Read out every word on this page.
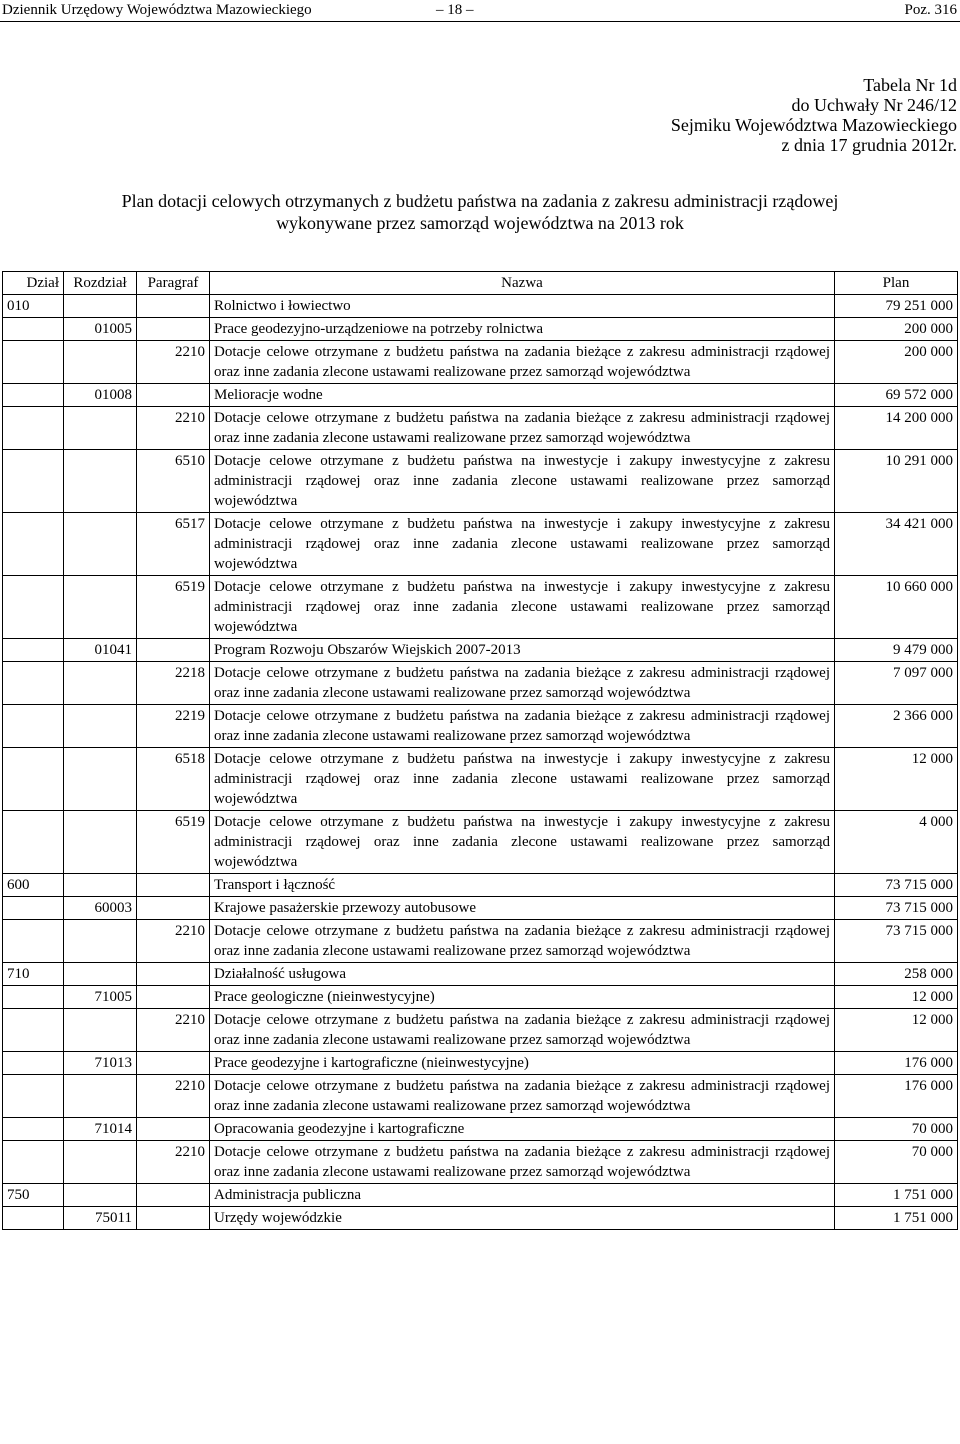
Dziennik Urzędowy Województwa Mazowieckiego	– 18 –	Poz. 316
Tabela Nr 1d
do Uchwały Nr 246/12
Sejmiku Województwa Mazowieckiego
z dnia 17 grudnia 2012r.
Plan dotacji celowych otrzymanych z budżetu państwa na zadania z zakresu administracji rządowej
wykonywane przez samorząd województwa na 2013 rok
Dział	Rozdział	Paragraf	Nazwa	Plan
010			Rolnictwo i łowiectwo	79 251 000
	01005		Prace geodezyjno-urządzeniowe na potrzeby rolnictwa	200 000
		2210	Dotacje celowe otrzymane z budżetu państwa na zadania bieżące z zakresu administracji rządowej oraz inne zadania zlecone ustawami realizowane przez samorząd województwa	200 000
	01008		Melioracje wodne	69 572 000
		2210	Dotacje celowe otrzymane z budżetu państwa na zadania bieżące z zakresu administracji rządowej oraz inne zadania zlecone ustawami realizowane przez samorząd województwa	14 200 000
		6510	Dotacje celowe otrzymane z budżetu państwa na inwestycje i zakupy inwestycyjne z zakresu administracji rządowej oraz inne zadania zlecone ustawami realizowane przez samorząd województwa	10 291 000
		6517	Dotacje celowe otrzymane z budżetu państwa na inwestycje i zakupy inwestycyjne z zakresu administracji rządowej oraz inne zadania zlecone ustawami realizowane przez samorząd województwa	34 421 000
		6519	Dotacje celowe otrzymane z budżetu państwa na inwestycje i zakupy inwestycyjne z zakresu administracji rządowej oraz inne zadania zlecone ustawami realizowane przez samorząd województwa	10 660 000
	01041		Program Rozwoju Obszarów Wiejskich 2007-2013	9 479 000
		2218	Dotacje celowe otrzymane z budżetu państwa na zadania bieżące z zakresu administracji rządowej oraz inne zadania zlecone ustawami realizowane przez samorząd województwa	7 097 000
		2219	Dotacje celowe otrzymane z budżetu państwa na zadania bieżące z zakresu administracji rządowej oraz inne zadania zlecone ustawami realizowane przez samorząd województwa	2 366 000
		6518	Dotacje celowe otrzymane z budżetu państwa na inwestycje i zakupy inwestycyjne z zakresu administracji rządowej oraz inne zadania zlecone ustawami realizowane przez samorząd województwa	12 000
		6519	Dotacje celowe otrzymane z budżetu państwa na inwestycje i zakupy inwestycyjne z zakresu administracji rządowej oraz inne zadania zlecone ustawami realizowane przez samorząd województwa	4 000
600			Transport i łączność	73 715 000
	60003		Krajowe pasażerskie przewozy autobusowe	73 715 000
		2210	Dotacje celowe otrzymane z budżetu państwa na zadania bieżące z zakresu administracji rządowej oraz inne zadania zlecone ustawami realizowane przez samorząd województwa	73 715 000
710			Działalność usługowa	258 000
	71005		Prace geologiczne (nieinwestycyjne)	12 000
		2210	Dotacje celowe otrzymane z budżetu państwa na zadania bieżące z zakresu administracji rządowej oraz inne zadania zlecone ustawami realizowane przez samorząd województwa	12 000
	71013		Prace geodezyjne i kartograficzne (nieinwestycyjne)	176 000
		2210	Dotacje celowe otrzymane z budżetu państwa na zadania bieżące z zakresu administracji rządowej oraz inne zadania zlecone ustawami realizowane przez samorząd województwa	176 000
	71014		Opracowania geodezyjne i kartograficzne	70 000
		2210	Dotacje celowe otrzymane z budżetu państwa na zadania bieżące z zakresu administracji rządowej oraz inne zadania zlecone ustawami realizowane przez samorząd województwa	70 000
750			Administracja publiczna	1 751 000
	75011		Urzędy wojewódzkie	1 751 000
